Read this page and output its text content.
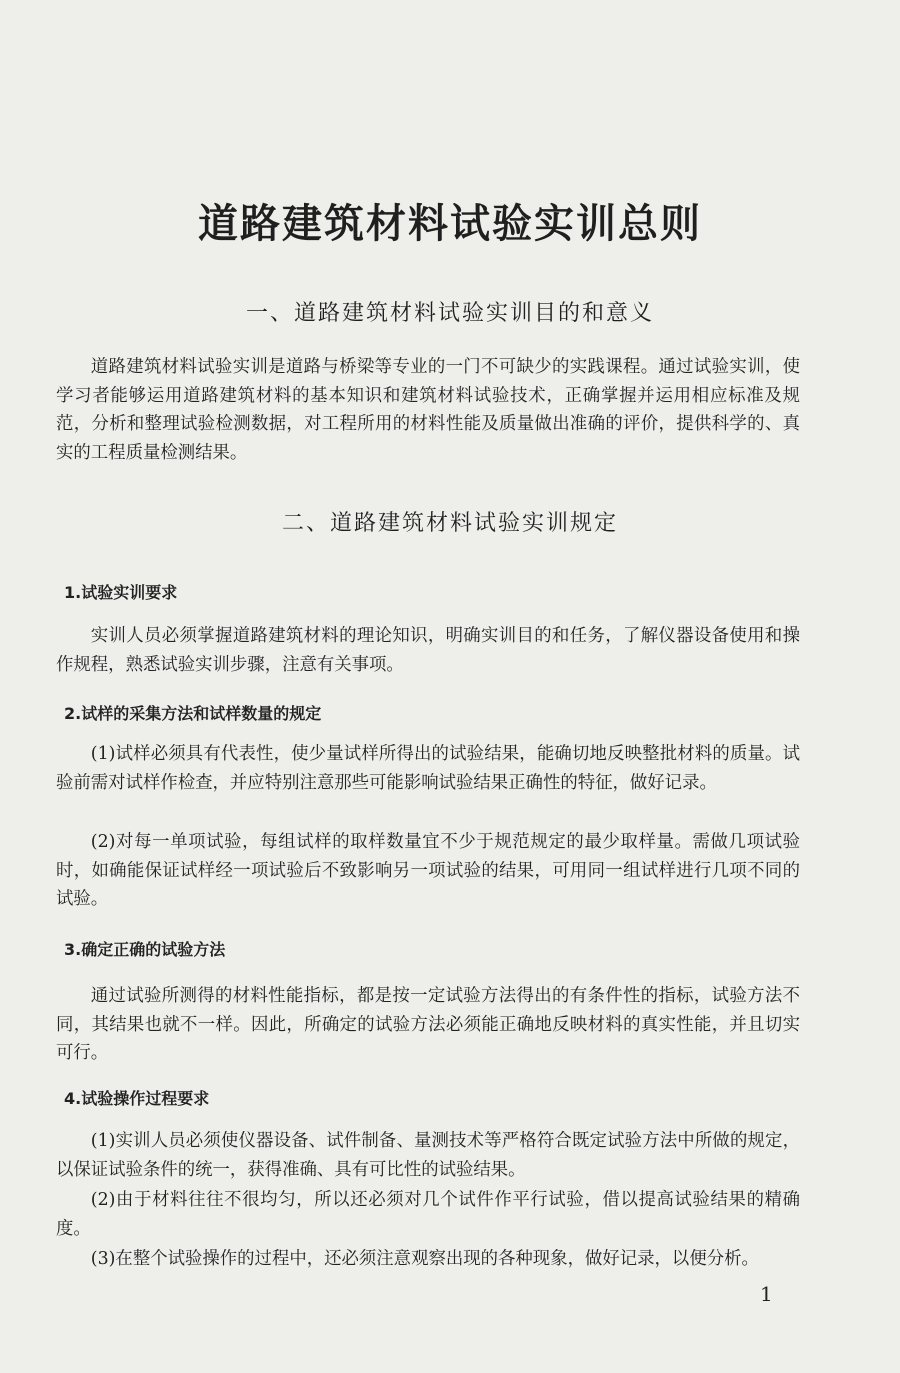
道路建筑材料试验实训总则
一、道路建筑材料试验实训目的和意义
道路建筑材料试验实训是道路与桥梁等专业的一门不可缺少的实践课程。通过试验实训，使学习者能够运用道路建筑材料的基本知识和建筑材料试验技术，正确掌握并运用相应标准及规范，分析和整理试验检测数据，对工程所用的材料性能及质量做出准确的评价，提供科学的、真实的工程质量检测结果。
二、道路建筑材料试验实训规定
1.试验实训要求
实训人员必须掌握道路建筑材料的理论知识，明确实训目的和任务，了解仪器设备使用和操作规程，熟悉试验实训步骤，注意有关事项。
2.试样的采集方法和试样数量的规定
(1)试样必须具有代表性，使少量试样所得出的试验结果，能确切地反映整批材料的质量。试验前需对试样作检查，并应特别注意那些可能影响试验结果正确性的特征，做好记录。
(2)对每一单项试验，每组试样的取样数量宜不少于规范规定的最少取样量。需做几项试验时，如确能保证试样经一项试验后不致影响另一项试验的结果，可用同一组试样进行几项不同的试验。
3.确定正确的试验方法
通过试验所测得的材料性能指标，都是按一定试验方法得出的有条件性的指标，试验方法不同，其结果也就不一样。因此，所确定的试验方法必须能正确地反映材料的真实性能，并且切实可行。
4.试验操作过程要求
(1)实训人员必须使仪器设备、试件制备、量测技术等严格符合既定试验方法中所做的规定，以保证试验条件的统一，获得准确、具有可比性的试验结果。
(2)由于材料往往不很均匀，所以还必须对几个试件作平行试验，借以提高试验结果的精确度。
(3)在整个试验操作的过程中，还必须注意观察出现的各种现象，做好记录，以便分析。
1
